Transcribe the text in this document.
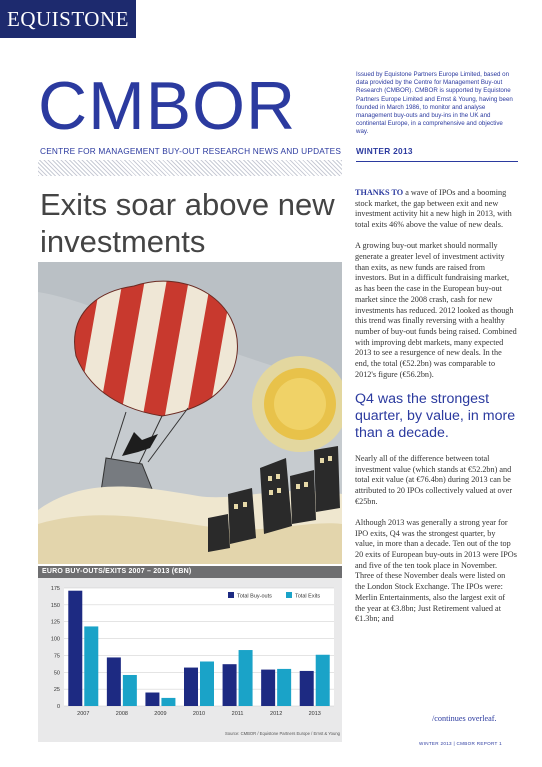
EQUISTONE
CMBOR	Issued by Equistone Partners Europe Limited, based on data provided by the Centre for Management Buy-out Research (CMBOR). CMBOR is supported by Equistone Partners Europe Limited and Ernst & Young, having been founded in March 1986, to monitor and analyse management buy-outs and buy-ins in the UK and continental Europe, in a comprehensive and objective way.
CENTRE FOR MANAGEMENT BUY-OUT RESEARCH NEWS AND UPDATES WINTER 2013
Exits soar above new investments
EURO BUY-OUTS/EXITS 2007 – 2013 (€BN)
0
25
50
75
100
125
150
175
2007	2008	2009	2010	2011	2012	2013
Total Buy-outs	Total Exits
Source: CMBOR / Equistone Partners Europe / Ernst & Young

THANKS TO a wave of IPOs and a booming stock market, the gap between exit and new investment activity hit a new high in 2013, with total exits 46% above the value of new deals.

A growing buy-out market should normally generate a greater level of investment activity than exits, as new funds are raised from investors. But in a difficult fundraising market, as has been the case in the European buy-out market since the 2008 crash, cash for new investments has reduced. 2012 looked as though this trend was finally reversing with a healthy number of buy-out funds being raised. Combined with improving debt markets, many expected 2013 to see a resurgence of new deals. In the end, the total (€52.2bn) was comparable to 2012's figure (€56.2bn).

Q4 was the strongest quarter, by value, in more than a decade.

Nearly all of the difference between total investment value (which stands at €52.2bn) and total exit value (at €76.4bn) during 2013 can be attributed to 20 IPOs collectively valued at over €25bn.

Although 2013 was generally a strong year for IPO exits, Q4 was the strongest quarter, by value, in more than a decade. Ten out of the top 20 exits of European buy-outs in 2013 were IPOs and five of the ten took place in November. Three of these November deals were listed on the London Stock Exchange. The IPOs were: Merlin Entertainments, also the largest exit of the year at €3.8bn; Just Retirement valued at €1.3bn; and

/continues overleaf.
WINTER 2013 | CMBOR REPORT 1
